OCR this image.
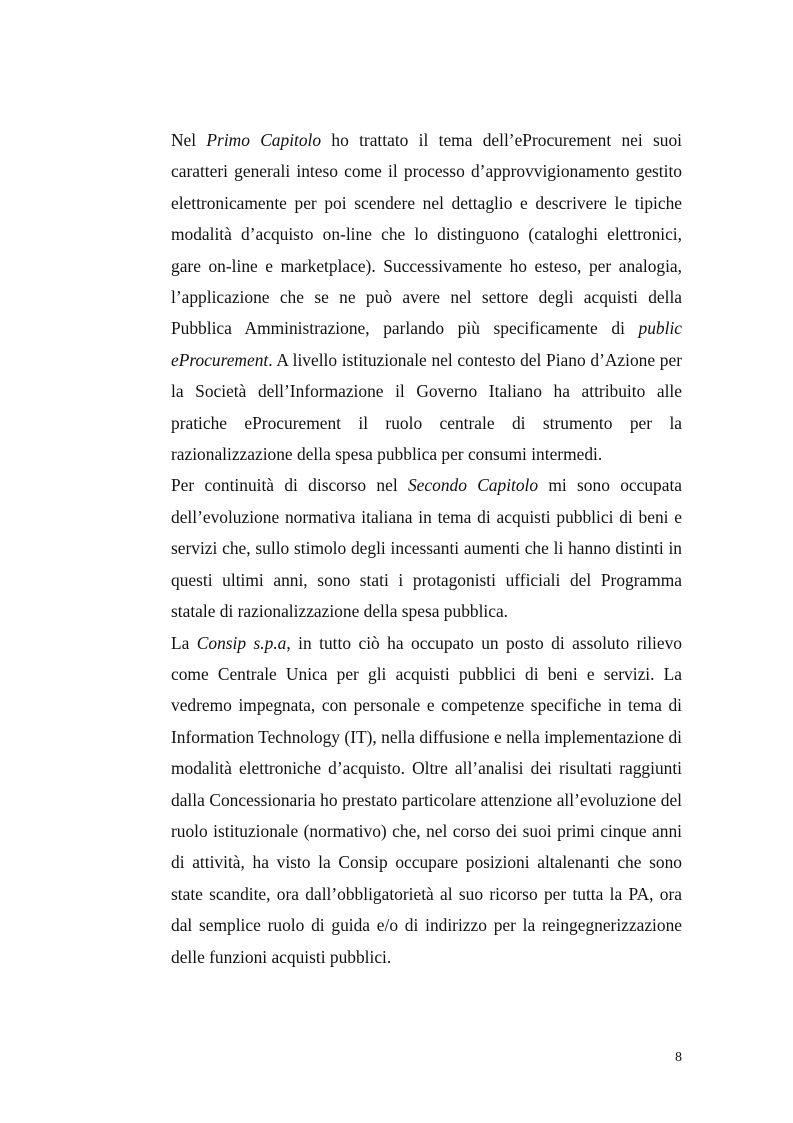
Nel Primo Capitolo ho trattato il tema dell’eProcurement nei suoi caratteri generali inteso come il processo d’approvvigionamento gestito elettronicamente per poi scendere nel dettaglio e descrivere le tipiche modalità d’acquisto on-line che lo distinguono (cataloghi elettronici, gare on-line e marketplace). Successivamente ho esteso, per analogia, l’applicazione che se ne può avere nel settore degli acquisti della Pubblica Amministrazione, parlando più specificamente di public eProcurement. A livello istituzionale nel contesto del Piano d’Azione per la Società dell’Informazione il Governo Italiano ha attribuito alle pratiche eProcurement il ruolo centrale di strumento per la razionalizzazione della spesa pubblica per consumi intermedi.

Per continuità di discorso nel Secondo Capitolo mi sono occupata dell’evoluzione normativa italiana in tema di acquisti pubblici di beni e servizi che, sullo stimolo degli incessanti aumenti che li hanno distinti in questi ultimi anni, sono stati i protagonisti ufficiali del Programma statale di razionalizzazione della spesa pubblica.

La Consip s.p.a, in tutto ciò ha occupato un posto di assoluto rilievo come Centrale Unica per gli acquisti pubblici di beni e servizi. La vedremo impegnata, con personale e competenze specifiche in tema di Information Technology (IT), nella diffusione e nella implementazione di modalità elettroniche d’acquisto. Oltre all’analisi dei risultati raggiunti dalla Concessionaria ho prestato particolare attenzione all’evoluzione del ruolo istituzionale (normativo) che, nel corso dei suoi primi cinque anni di attività, ha visto la Consip occupare posizioni altalenanti che sono state scandite, ora dall’obbligatorietà al suo ricorso per tutta la PA, ora dal semplice ruolo di guida e/o di indirizzo per la reingegnerizzazione delle funzioni acquisti pubblici.

8
